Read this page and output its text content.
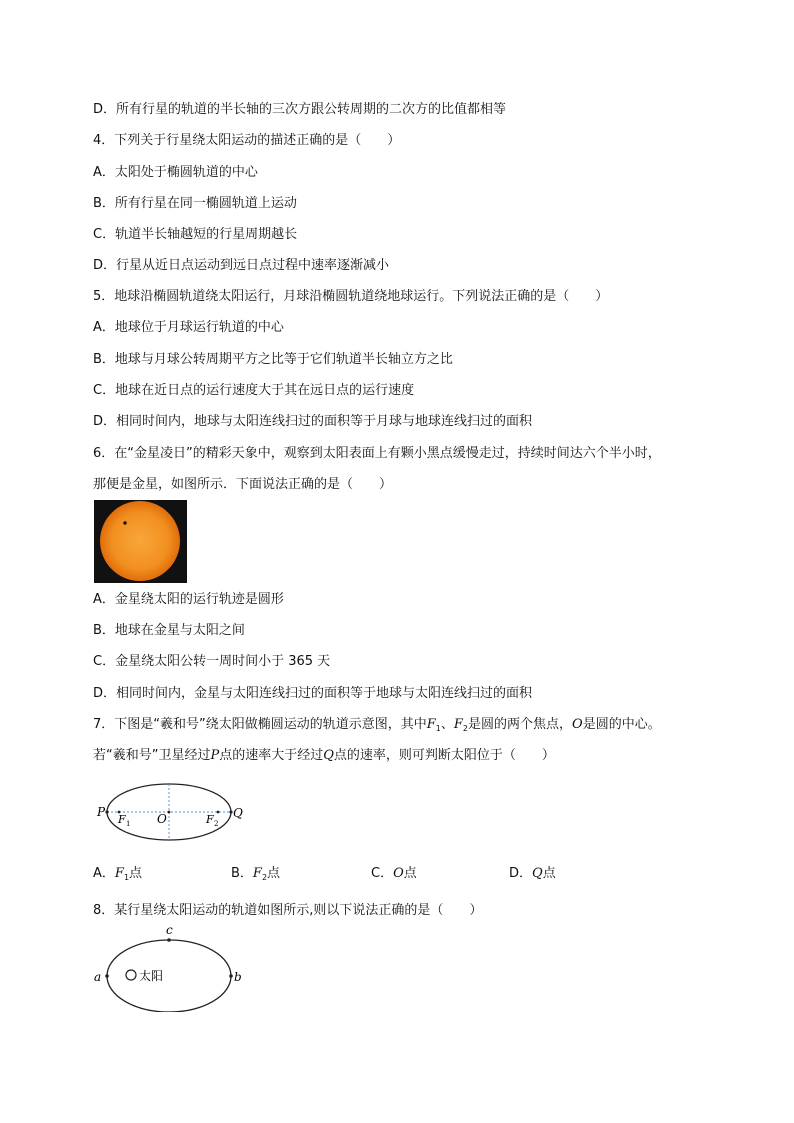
D．所有行星的轨道的半长轴的三次方跟公转周期的二次方的比值都相等
4．下列关于行星绕太阳运动的描述正确的是（　　）
A．太阳处于椭圆轨道的中心
B．所有行星在同一椭圆轨道上运动
C．轨道半长轴越短的行星周期越长
D．行星从近日点运动到远日点过程中速率逐渐减小
5．地球沿椭圆轨道绕太阳运行，月球沿椭圆轨道绕地球运行。下列说法正确的是（　　）
A．地球位于月球运行轨道的中心
B．地球与月球公转周期平方之比等于它们轨道半长轴立方之比
C．地球在近日点的运行速度大于其在远日点的运行速度
D．相同时间内，地球与太阳连线扫过的面积等于月球与地球连线扫过的面积
6．在“金星凌日”的精彩天象中，观察到太阳表面上有颗小黑点缓慢走过，持续时间达六个半小时，
那便是金星，如图所示．下面说法正确的是（　　）
A．金星绕太阳的运行轨迹是圆形
B．地球在金星与太阳之间
C．金星绕太阳公转一周时间小于 365 天
D．相同时间内，金星与太阳连线扫过的面积等于地球与太阳连线扫过的面积
7．下图是“羲和号”绕太阳做椭圆运动的轨道示意图，其中$F_1$、$F_2$是圆的两个焦点，O是圆的中心。
若“羲和号”卫星经过P点的速率大于经过Q点的速率，则可判断太阳位于（　　）
P	Q
O
F 1	F 2
A．$F_1$点	B．$F_2$点	C．O点	D．Q点
8．某行星绕太阳运动的轨道如图所示,则以下说法正确的是（　　）
c
a	b
太阳
